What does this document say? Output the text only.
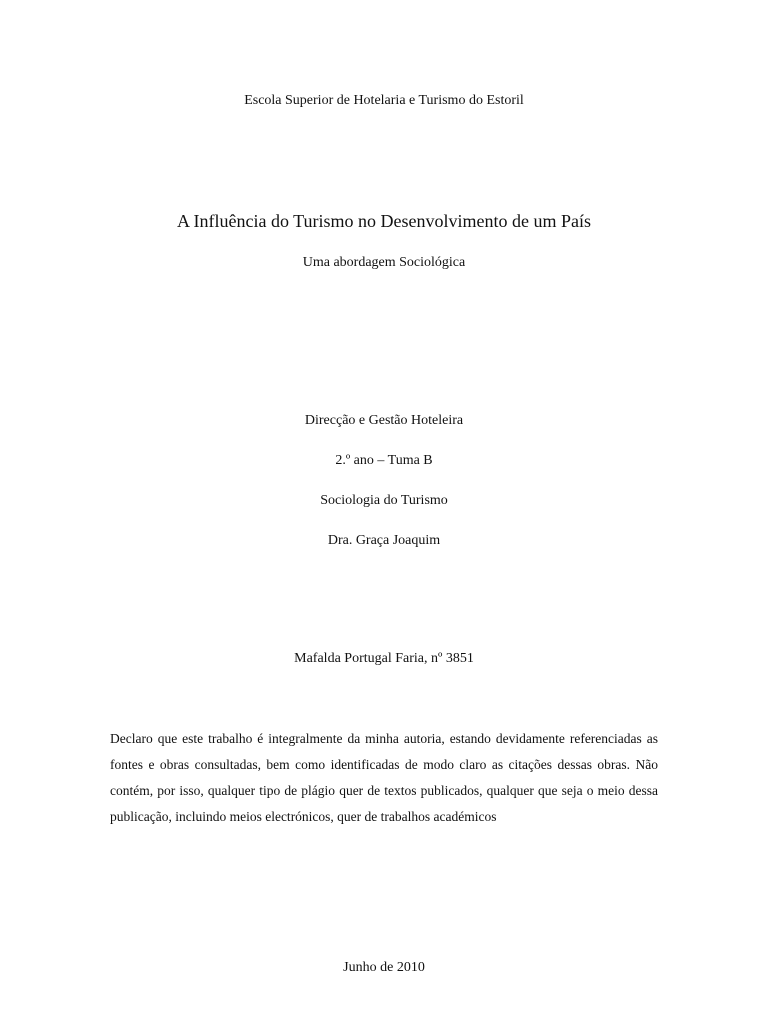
Escola Superior de Hotelaria e Turismo do Estoril
A Influência do Turismo no Desenvolvimento de um País
Uma abordagem Sociológica
Direcção e Gestão Hoteleira
2.º ano – Tuma B
Sociologia do Turismo
Dra. Graça Joaquim
Mafalda Portugal Faria, nº 3851

Declaro que este trabalho é integralmente da minha autoria, estando devidamente referenciadas as fontes e obras consultadas, bem como identificadas de modo claro as citações dessas obras. Não contém, por isso, qualquer tipo de plágio quer de textos publicados, qualquer que seja o meio dessa publicação, incluindo meios electrónicos, quer de trabalhos académicos

Junho de 2010
